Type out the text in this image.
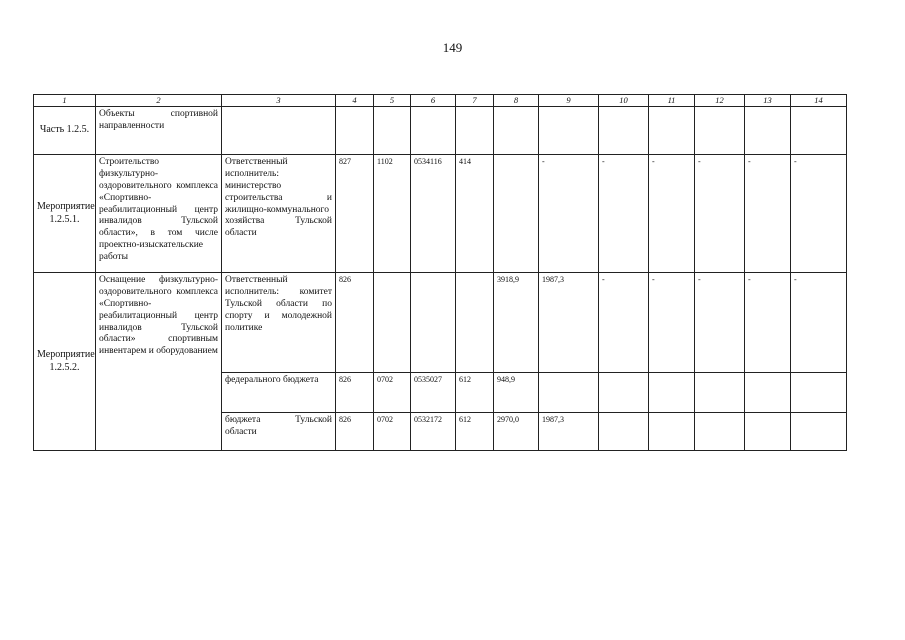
149
1	2	3	4	5	6	7	8	9	10	11	12	13	14
Часть 1.2.5.	Объекты спортивной направленности												
Мероприятие 1.2.5.1.	Строительство физкультурно-оздоровительного комплекса «Спортивно-реабилитационный центр инвалидов Тульской области», в том числе проектно-изыскательские работы	Ответственный исполнитель: министерство строительства и жилищно-коммунального хозяйства Тульской области	827	1102	0534116	414		-	-	-	-	-	-
Мероприятие 1.2.5.2.	Оснащение физкультурно-оздоровительного комплекса «Спортивно-реабилитационный центр инвалидов Тульской области» спортивным инвентарем и оборудованием	Ответственный исполнитель: комитет Тульской области по спорту и молодежной политике	826				3918,9	1987,3	-	-	-	-	-
		федерального бюджета	826	0702	0535027	612	948,9						
		бюджета Тульской области	826	0702	0532172	612	2970,0	1987,3					
